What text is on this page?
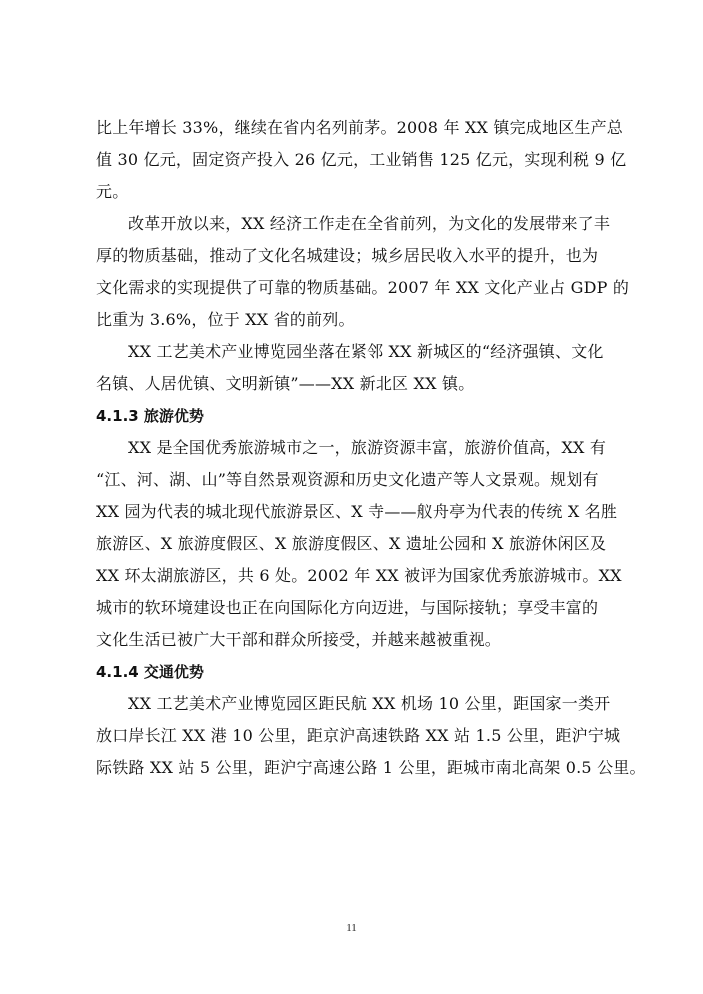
比上年增长 33%，继续在省内名列前茅。2008 年 XX 镇完成地区生产总
值 30 亿元，固定资产投入 26 亿元，工业销售 125 亿元，实现利税 9 亿
元。
改革开放以来，XX 经济工作走在全省前列，为文化的发展带来了丰
厚的物质基础，推动了文化名城建设；城乡居民收入水平的提升，也为
文化需求的实现提供了可靠的物质基础。2007 年 XX 文化产业占 GDP 的
比重为 3.6%，位于 XX 省的前列。
XX 工艺美术产业博览园坐落在紧邻 XX 新城区的“经济强镇、文化
名镇、人居优镇、文明新镇”——XX 新北区 XX 镇。
4.1.3 旅游优势
XX 是全国优秀旅游城市之一，旅游资源丰富，旅游价值高，XX 有
“江、河、湖、山”等自然景观资源和历史文化遗产等人文景观。规划有
XX 园为代表的城北现代旅游景区、X 寺——舣舟亭为代表的传统 X 名胜
旅游区、X 旅游度假区、X 旅游度假区、X 遗址公园和 X 旅游休闲区及
XX 环太湖旅游区，共 6 处。2002 年 XX 被评为国家优秀旅游城市。XX
城市的软环境建设也正在向国际化方向迈进，与国际接轨；享受丰富的
文化生活已被广大干部和群众所接受，并越来越被重视。
4.1.4 交通优势
XX 工艺美术产业博览园区距民航 XX 机场 10 公里，距国家一类开
放口岸长江 XX 港 10 公里，距京沪高速铁路 XX 站 1.5 公里，距沪宁城
际铁路 XX 站 5 公里，距沪宁高速公路 1 公里，距城市南北高架 0.5 公里。
11
